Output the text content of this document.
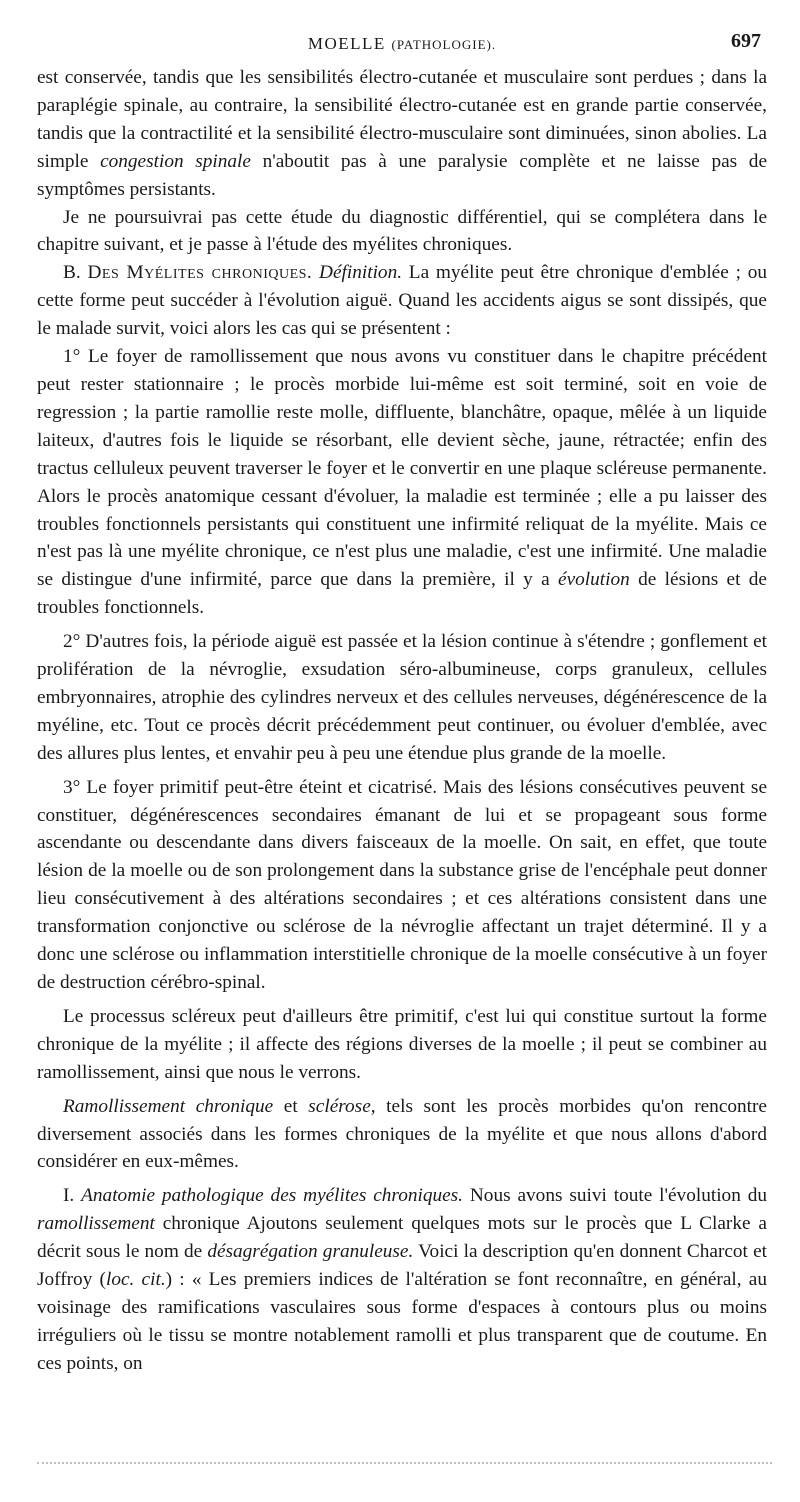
MOELLE (PATHOLOGIE).	697

est conservée, tandis que les sensibilités électro-cutanée et musculaire sont perdues ; dans la paraplégie spinale, au contraire, la sensibilité électro-cutanée est en grande partie conservée, tandis que la contractilité et la sensibilité électro-musculaire sont diminuées, sinon abolies. La simple congestion spinale n'aboutit pas à une paralysie complète et ne laisse pas de symptômes persistants.

Je ne poursuivrai pas cette étude du diagnostic différentiel, qui se complétera dans le chapitre suivant, et je passe à l'étude des myélites chroniques.

B. Des Myélites chroniques. Définition. La myélite peut être chronique d'emblée ; ou cette forme peut succéder à l'évolution aiguë. Quand les accidents aigus se sont dissipés, que le malade survit, voici alors les cas qui se présentent :

1° Le foyer de ramollissement que nous avons vu constituer dans le chapitre précédent peut rester stationnaire ; le procès morbide lui-même est soit terminé, soit en voie de regression ; la partie ramollie reste molle, diffluente, blanchâtre, opaque, mêlée à un liquide laiteux, d'autres fois le liquide se résorbant, elle devient sèche, jaune, rétractée; enfin des tractus celluleux peuvent traverser le foyer et le convertir en une plaque scléreuse permanente. Alors le procès anatomique cessant d'évoluer, la maladie est terminée ; elle a pu laisser des troubles fonctionnels persistants qui constituent une infirmité reliquat de la myélite. Mais ce n'est pas là une myélite chronique, ce n'est plus une maladie, c'est une infirmité. Une maladie se distingue d'une infirmité, parce que dans la première, il y a évolution de lésions et de troubles fonctionnels.

2° D'autres fois, la période aiguë est passée et la lésion continue à s'étendre ; gonflement et prolifération de la névroglie, exsudation séro-albumineuse, corps granuleux, cellules embryonnaires, atrophie des cylindres nerveux et des cellules nerveuses, dégénérescence de la myéline, etc. Tout ce procès décrit précédemment peut continuer, ou évoluer d'emblée, avec des allures plus lentes, et envahir peu à peu une étendue plus grande de la moelle.

3° Le foyer primitif peut-être éteint et cicatrisé. Mais des lésions consécutives peuvent se constituer, dégénérescences secondaires émanant de lui et se propageant sous forme ascendante ou descendante dans divers faisceaux de la moelle. On sait, en effet, que toute lésion de la moelle ou de son prolongement dans la substance grise de l'encéphale peut donner lieu consécutivement à des altérations secondaires ; et ces altérations consistent dans une transformation conjonctive ou sclérose de la névroglie affectant un trajet déterminé. Il y a donc une sclérose ou inflammation interstitielle chronique de la moelle consécutive à un foyer de destruction cérébro-spinal.

Le processus scléreux peut d'ailleurs être primitif, c'est lui qui constitue surtout la forme chronique de la myélite ; il affecte des régions diverses de la moelle ; il peut se combiner au ramollissement, ainsi que nous le verrons.

Ramollissement chronique et sclérose, tels sont les procès morbides qu'on rencontre diversement associés dans les formes chroniques de la myélite et que nous allons d'abord considérer en eux-mêmes.

I. Anatomie pathologique des myélites chroniques. Nous avons suivi toute l'évolution du ramollissement chronique Ajoutons seulement quelques mots sur le procès que L Clarke a décrit sous le nom de désagrégation granuleuse. Voici la description qu'en donnent Charcot et Joffroy (loc. cit.) : « Les premiers indices de l'altération se font reconnaître, en général, au voisinage des ramifications vasculaires sous forme d'espaces à contours plus ou moins irréguliers où le tissu se montre notablement ramolli et plus transparent que de coutume. En ces points, on
